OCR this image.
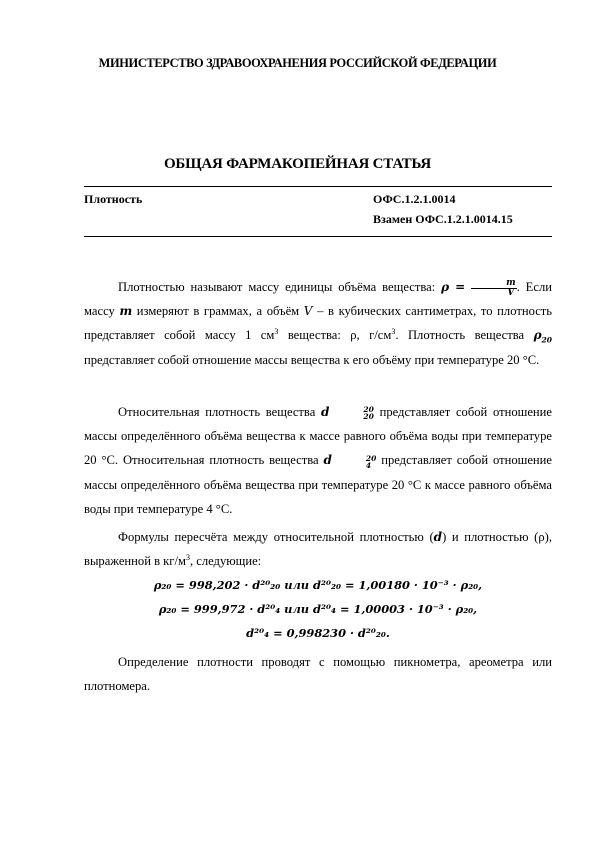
МИНИСТЕРСТВО ЗДРАВООХРАНЕНИЯ РОССИЙСКОЙ ФЕДЕРАЦИИ
ОБЩАЯ ФАРМАКОПЕЙНАЯ СТАТЬЯ
Плотность	ОФС.1.2.1.0014
Взамен ОФС.1.2.1.0014.15

Плотностью называют массу единицы объёма вещества: $\rho = \frac{m}{V}$ . Если массу m измеряют в граммах, а объём V – в кубических сантиметрах, то плотность представляет собой массу 1 $см^3$ вещества: ρ, $г/см^3$. Плотность вещества $\rho_{20}$ представляет собой отношение массы вещества к его объёму при температуре 20 °С.

Относительная плотность вещества d	20
20 представляет собой отношение массы определённого объёма вещества к массе равного объёма воды при температуре 20 °С. Относительная плотность вещества d	20
4 представляет собой отношение массы определённого объёма вещества при температуре 20 °С к массе равного объёма воды при температуре 4 °С.

Формулы пересчёта между относительной плотностью (d) и плотностью (ρ), выраженной в $кг/м^3$, следующие:

ρ₂₀ = 998,202 · d²⁰₂₀ или d²⁰₂₀ = 1,00180 · 10⁻³ · ρ₂₀,
ρ₂₀ = 999,972 · d²⁰₄ или d²⁰₄ = 1,00003 · 10⁻³ · ρ₂₀,
d²⁰₄ = 0,998230 · d²⁰₂₀.

Определение плотности проводят с помощью пикнометра, ареометра или плотномера.
